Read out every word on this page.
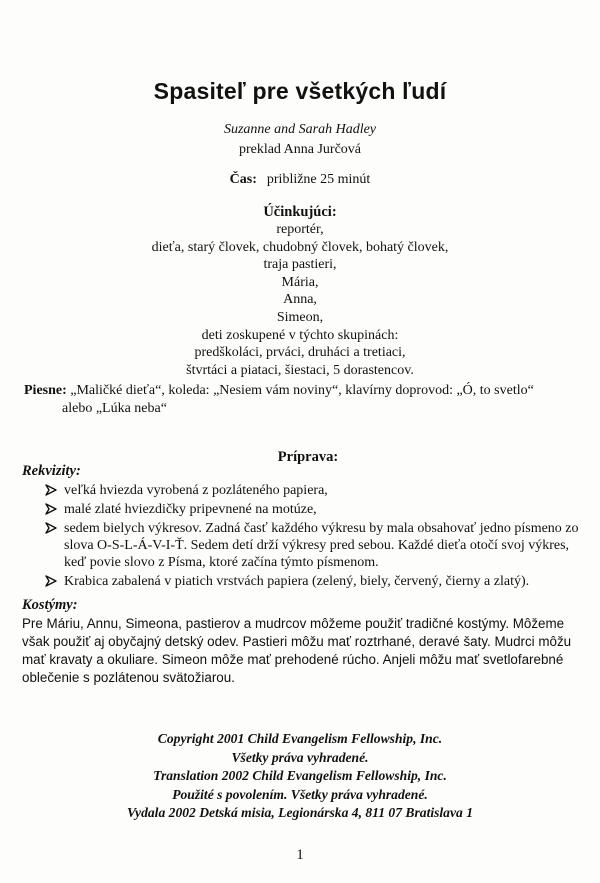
Spasiteľ pre všetkých ľudí

Suzanne and Sarah Hadley

preklad Anna Jurčová

Čas: približne 25 minút

Účinkujúci:

reportér,
dieťa, starý človek, chudobný človek, bohatý človek,
traja pastieri,
Mária,
Anna,
Simeon,
deti zoskupené v týchto skupinách:
predškoláci, prváci, druháci a tretiaci,
štvrtáci a piataci, šiestaci, 5 dorastencov.
Piesne: „Maličké dieťa“, koleda: „Nesiem vám noviny“, klavírny doprovod: „Ó, to svetlo“
alebo „Lúka neba“

Príprava:

Rekvizity:

veľká hviezda vyrobená z pozláteného papiera,
malé zlaté hviezdičky pripevnené na motúze,
sedem bielych výkresov. Zadná časť každého výkresu by mala obsahovať jedno písmeno zo slova O-S-L-Á-V-I-Ť. Sedem detí drží výkresy pred sebou. Každé dieťa otočí svoj výkres, keď povie slovo z Písma, ktoré začína týmto písmenom.
Krabica zabalená v piatich vrstvách papiera (zelený, biely, červený, čierny a zlatý).

Kostýmy:

Pre Máriu, Annu, Simeona, pastierov a mudrcov môžeme použiť tradičné kostýmy. Môžeme však použiť aj obyčajný detský odev. Pastieri môžu mať roztrhané, deravé šaty. Mudrci môžu mať kravaty a okuliare. Simeon môže mať prehodené rúcho. Anjeli môžu mať svetlofarebné oblečenie s pozlátenou svätožiarou.

Copyright 2001 Child Evangelism Fellowship, Inc.
Všetky práva vyhradené.
Translation 2002 Child Evangelism Fellowship, Inc.
Použité s povolením. Všetky práva vyhradené.
Vydala 2002 Detská misia, Legionárska 4, 811 07 Bratislava 1

1
